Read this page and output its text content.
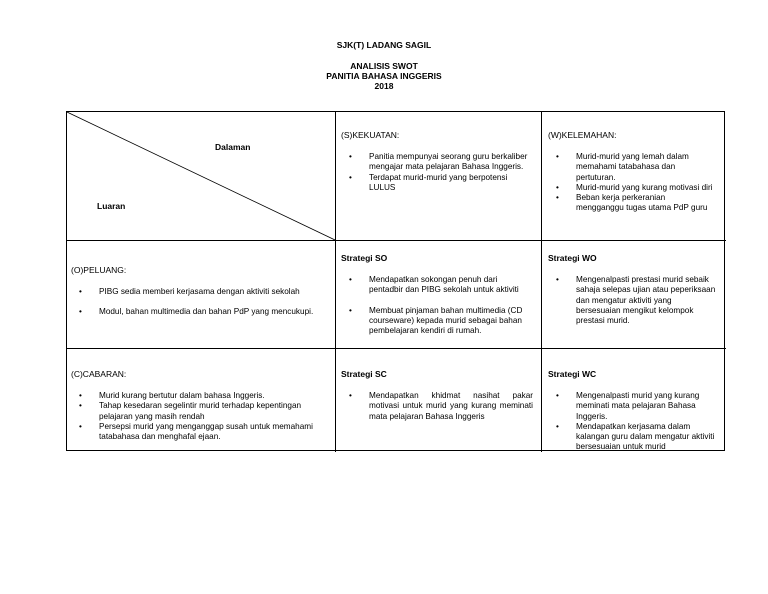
SJK(T) LADANG SAGIL
ANALISIS SWOT
PANITIA BAHASA INGGERIS
2018
Dalaman
Luaran
(S)KEKUATAN:
• Panitia mempunyai seorang guru berkaliber mengajar mata pelajaran Bahasa Inggeris.
• Terdapat murid-murid yang berpotensi LULUS
(W)KELEMAHAN:
• Murid-murid yang lemah dalam memahami tatabahasa dan pertuturan.
• Murid-murid yang kurang motivasi diri
• Beban kerja perkeranian mengganggu tugas utama PdP guru
(O)PELUANG:
• PIBG sedia memberi kerjasama dengan aktiviti sekolah
• Modul, bahan multimedia dan bahan PdP yang mencukupi.
Strategi SO
• Mendapatkan sokongan penuh dari pentadbir dan PIBG sekolah untuk aktiviti
• Membuat pinjaman bahan multimedia (CD courseware) kepada murid sebagai bahan pembelajaran kendiri di rumah.
Strategi WO
• Mengenalpasti prestasi murid sebaik sahaja selepas ujian atau peperiksaan dan mengatur aktiviti yang bersesuaian mengikut kelompok prestasi murid.
(C)CABARAN:
• Murid kurang bertutur dalam bahasa Inggeris.
• Tahap kesedaran segelintir murid terhadap kepentingan pelajaran yang masih rendah
• Persepsi murid yang menganggap susah untuk memahami tatabahasa dan menghafal ejaan.
Strategi SC
• Mendapatkan khidmat nasihat pakar motivasi untuk murid yang kurang meminati mata pelajaran Bahasa Inggeris
Strategi WC
• Mengenalpasti murid yang kurang meminati mata pelajaran Bahasa Inggeris.
• Mendapatkan kerjasama dalam kalangan guru dalam mengatur aktiviti bersesuaian untuk murid
